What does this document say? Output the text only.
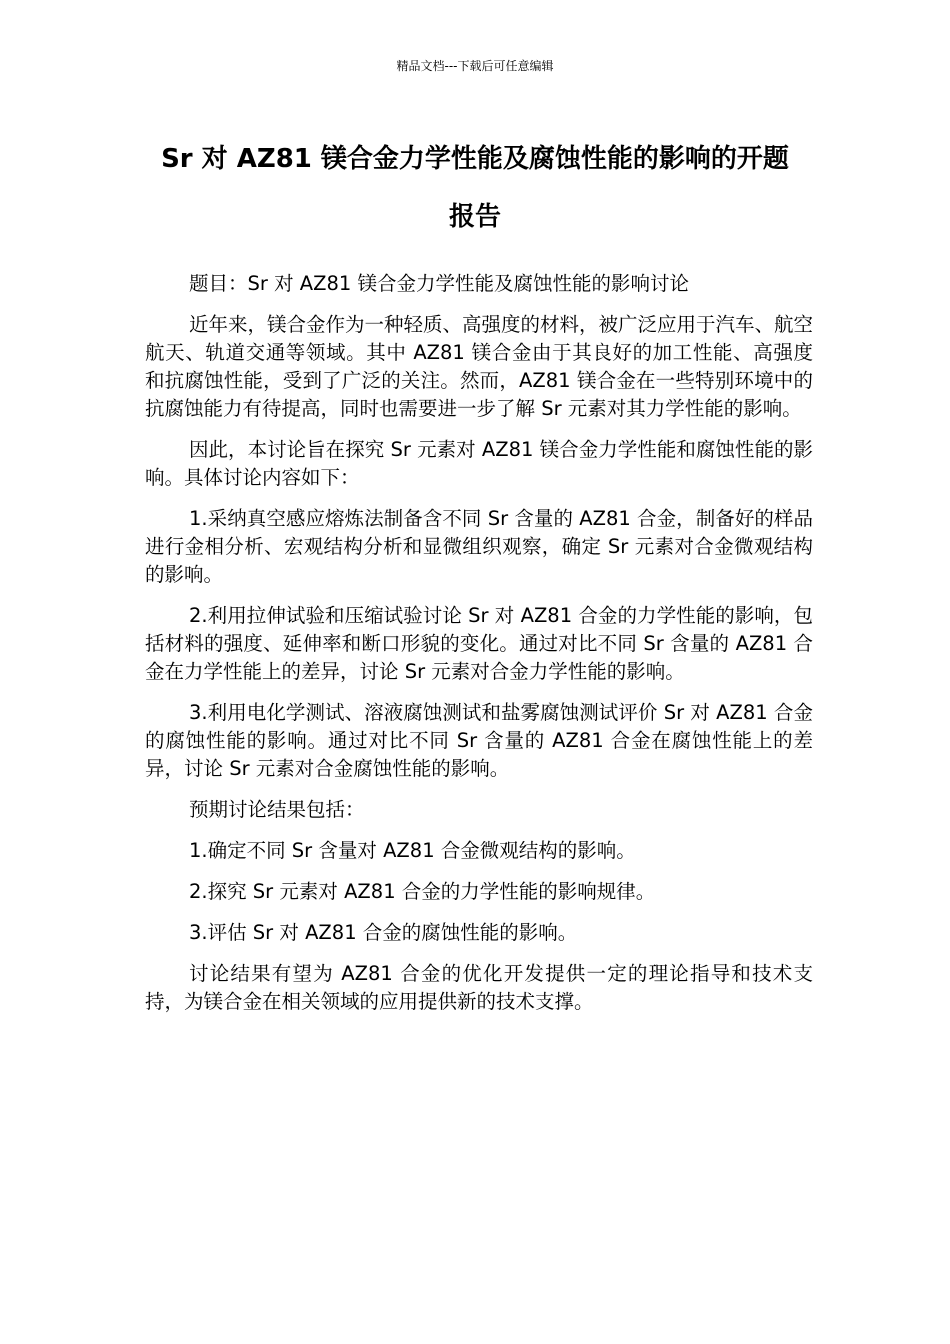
精品文档---下载后可任意编辑
Sr 对 AZ81 镁合金力学性能及腐蚀性能的影响的开题
报告

题目：Sr 对 AZ81 镁合金力学性能及腐蚀性能的影响讨论

近年来，镁合金作为一种轻质、高强度的材料，被广泛应用于汽车、航空航天、轨道交通等领域。其中 AZ81 镁合金由于其良好的加工性能、高强度和抗腐蚀性能，受到了广泛的关注。然而，AZ81 镁合金在一些特别环境中的抗腐蚀能力有待提高，同时也需要进一步了解 Sr 元素对其力学性能的影响。

因此，本讨论旨在探究 Sr 元素对 AZ81 镁合金力学性能和腐蚀性能的影响。具体讨论内容如下：

1.采纳真空感应熔炼法制备含不同 Sr 含量的 AZ81 合金，制备好的样品进行金相分析、宏观结构分析和显微组织观察，确定 Sr 元素对合金微观结构的影响。

2.利用拉伸试验和压缩试验讨论 Sr 对 AZ81 合金的力学性能的影响，包括材料的强度、延伸率和断口形貌的变化。通过对比不同 Sr 含量的 AZ81 合金在力学性能上的差异，讨论 Sr 元素对合金力学性能的影响。

3.利用电化学测试、溶液腐蚀测试和盐雾腐蚀测试评价 Sr 对 AZ81 合金的腐蚀性能的影响。通过对比不同 Sr 含量的 AZ81 合金在腐蚀性能上的差异，讨论 Sr 元素对合金腐蚀性能的影响。

预期讨论结果包括：

1.确定不同 Sr 含量对 AZ81 合金微观结构的影响。

2.探究 Sr 元素对 AZ81 合金的力学性能的影响规律。

3.评估 Sr 对 AZ81 合金的腐蚀性能的影响。

讨论结果有望为 AZ81 合金的优化开发提供一定的理论指导和技术支持，为镁合金在相关领域的应用提供新的技术支撑。
